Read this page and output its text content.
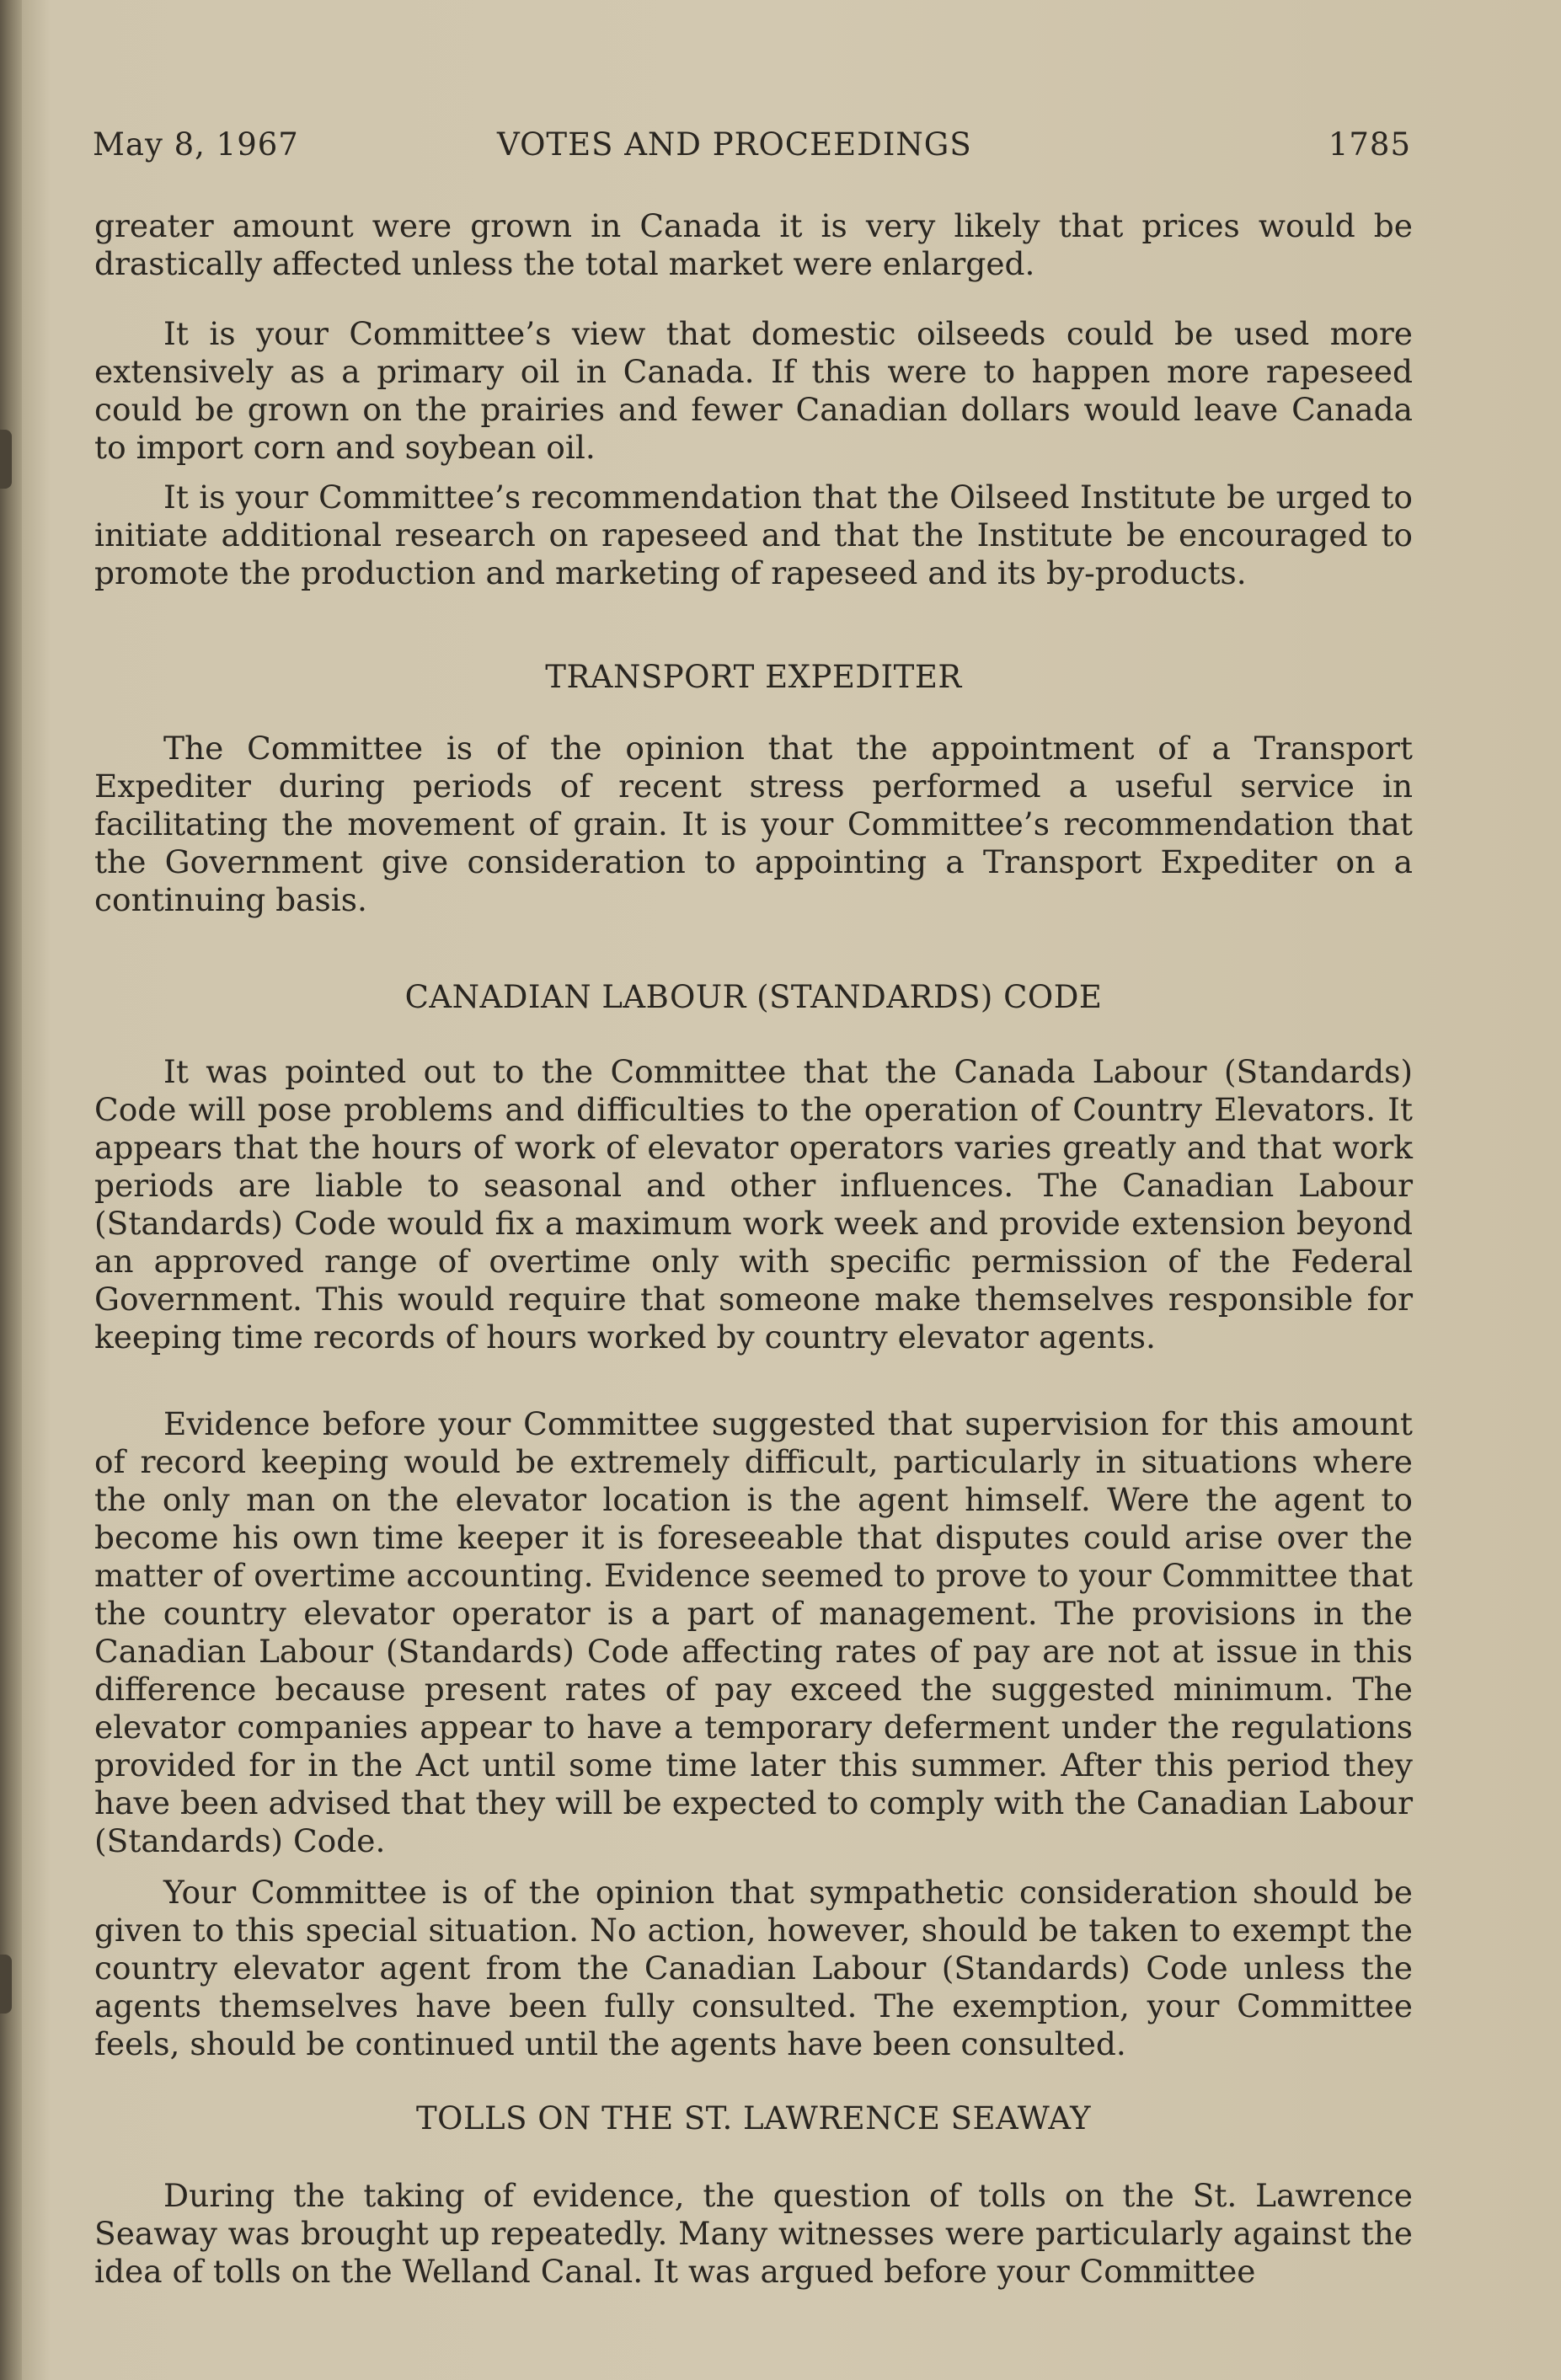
May 8, 1967	VOTES AND PROCEEDINGS	1785

greater amount were grown in Canada it is very likely that prices would be drastically affected unless the total market were enlarged.

It is your Committee’s view that domestic oilseeds could be used more extensively as a primary oil in Canada. If this were to happen more rapeseed could be grown on the prairies and fewer Canadian dollars would leave Canada to import corn and soybean oil.

It is your Committee’s recommendation that the Oilseed Institute be urged to initiate additional research on rapeseed and that the Institute be encouraged to promote the production and marketing of rapeseed and its by-products.

TRANSPORT EXPEDITER

The Committee is of the opinion that the appointment of a Transport Expediter during periods of recent stress performed a useful service in facilitating the movement of grain. It is your Committee’s recommendation that the Government give consideration to appointing a Transport Expediter on a continuing basis.

CANADIAN LABOUR (STANDARDS) CODE

It was pointed out to the Committee that the Canada Labour (Standards) Code will pose problems and difficulties to the operation of Country Elevators. It appears that the hours of work of elevator operators varies greatly and that work periods are liable to seasonal and other influences. The Canadian Labour (Standards) Code would fix a maximum work week and provide extension beyond an approved range of overtime only with specific permission of the Federal Government. This would require that someone make themselves responsible for keeping time records of hours worked by country elevator agents.

Evidence before your Committee suggested that supervision for this amount of record keeping would be extremely difficult, particularly in situations where the only man on the elevator location is the agent himself. Were the agent to become his own time keeper it is foreseeable that disputes could arise over the matter of overtime accounting. Evidence seemed to prove to your Committee that the country elevator operator is a part of management. The provisions in the Canadian Labour (Standards) Code affecting rates of pay are not at issue in this difference because present rates of pay exceed the suggested minimum. The elevator companies appear to have a temporary deferment under the regulations provided for in the Act until some time later this summer. After this period they have been advised that they will be expected to comply with the Canadian Labour (Standards) Code.

Your Committee is of the opinion that sympathetic consideration should be given to this special situation. No action, however, should be taken to exempt the country elevator agent from the Canadian Labour (Standards) Code unless the agents themselves have been fully consulted. The exemption, your Committee feels, should be continued until the agents have been consulted.

TOLLS ON THE ST. LAWRENCE SEAWAY

During the taking of evidence, the question of tolls on the St. Lawrence Seaway was brought up repeatedly. Many witnesses were particularly against the idea of tolls on the Welland Canal. It was argued before your Committee
